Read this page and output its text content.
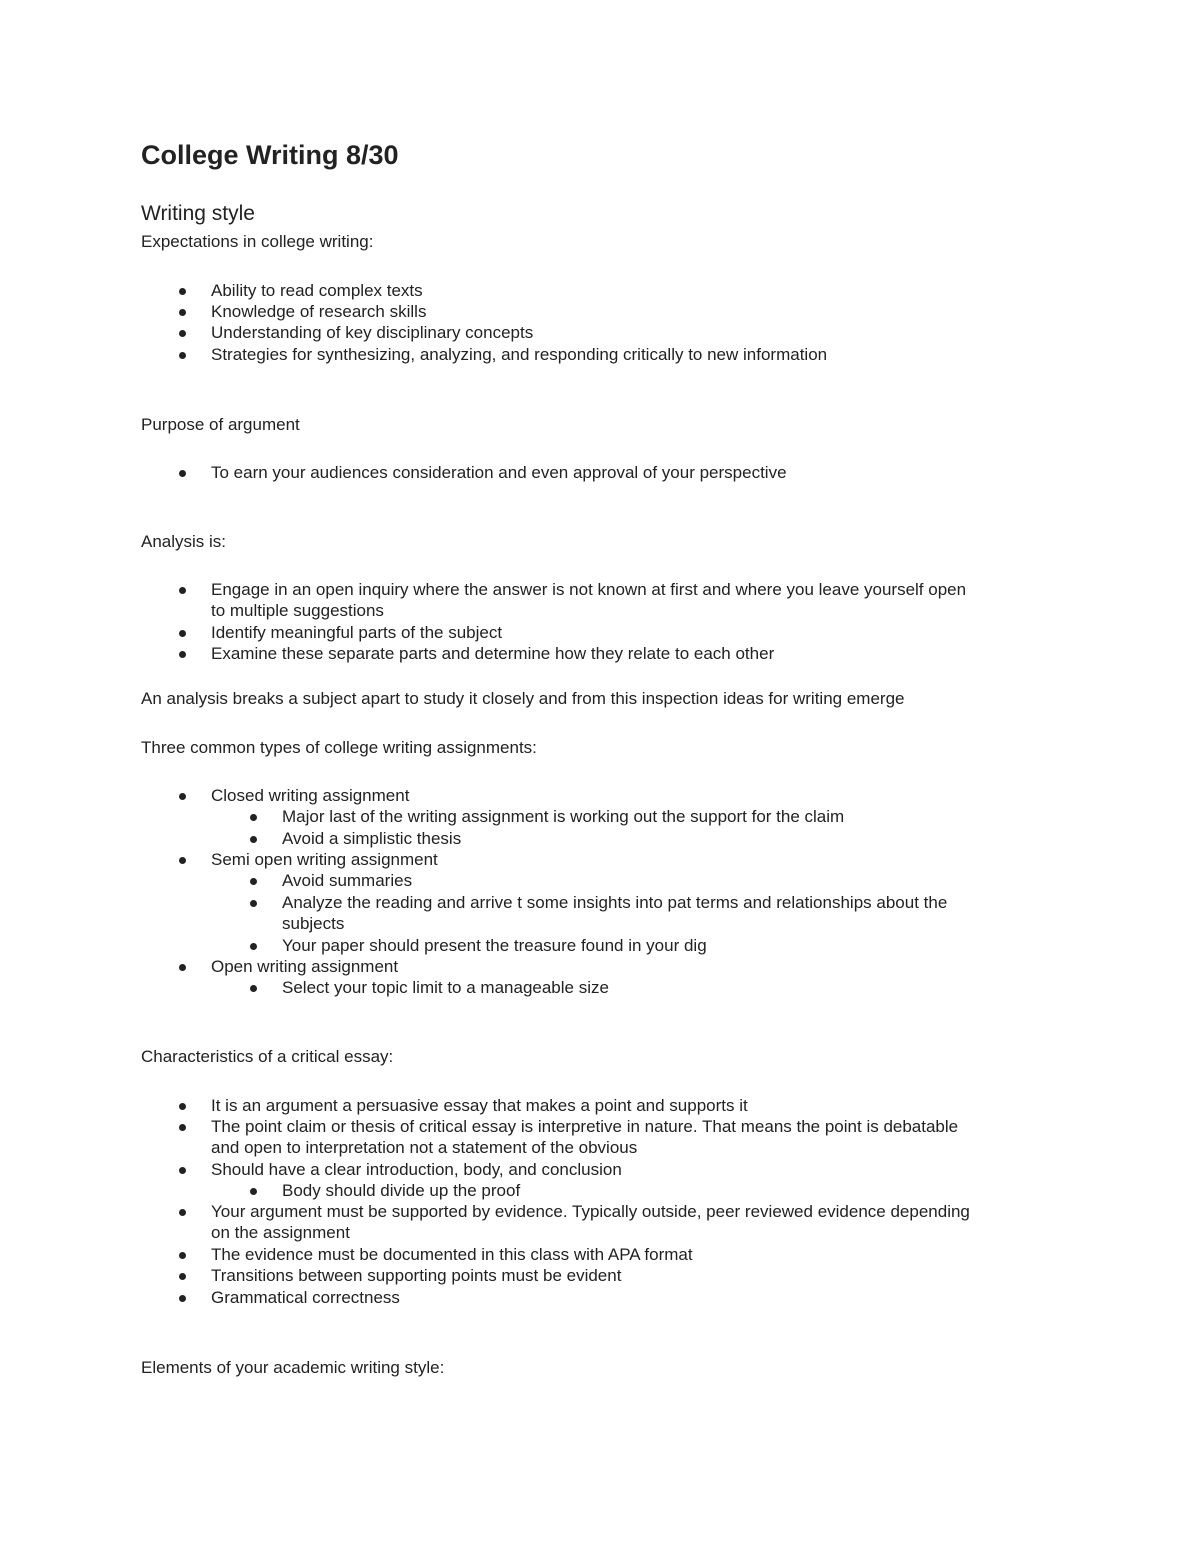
College Writing 8/30
Writing style
Expectations in college writing:
Ability to read complex texts
Knowledge of research skills
Understanding of key disciplinary concepts
Strategies for synthesizing, analyzing, and responding critically to new information
Purpose of argument
To earn your audiences consideration and even approval of your perspective
Analysis is:
Engage in an open inquiry where the answer is not known at first and where you leave yourself open
to multiple suggestions
Identify meaningful parts of the subject
Examine these separate parts and determine how they relate to each other
An analysis breaks a subject apart to study it closely and from this inspection ideas for writing emerge
Three common types of college writing assignments:
Closed writing assignment
Major last of the writing assignment is working out the support for the claim
Avoid a simplistic thesis
Semi open writing assignment
Avoid summaries
Analyze the reading and arrive t some insights into pat terms and relationships about the
subjects
Your paper should present the treasure found in your dig
Open writing assignment
Select your topic limit to a manageable size
Characteristics of a critical essay:
It is an argument a persuasive essay that makes a point and supports it
The point claim or thesis of critical essay is interpretive in nature. That means the point is debatable
and open to interpretation not a statement of the obvious
Should have a clear introduction, body, and conclusion
Body should divide up the proof
Your argument must be supported by evidence. Typically outside, peer reviewed evidence depending
on the assignment
The evidence must be documented in this class with APA format
Transitions between supporting points must be evident
Grammatical correctness
Elements of your academic writing style:
